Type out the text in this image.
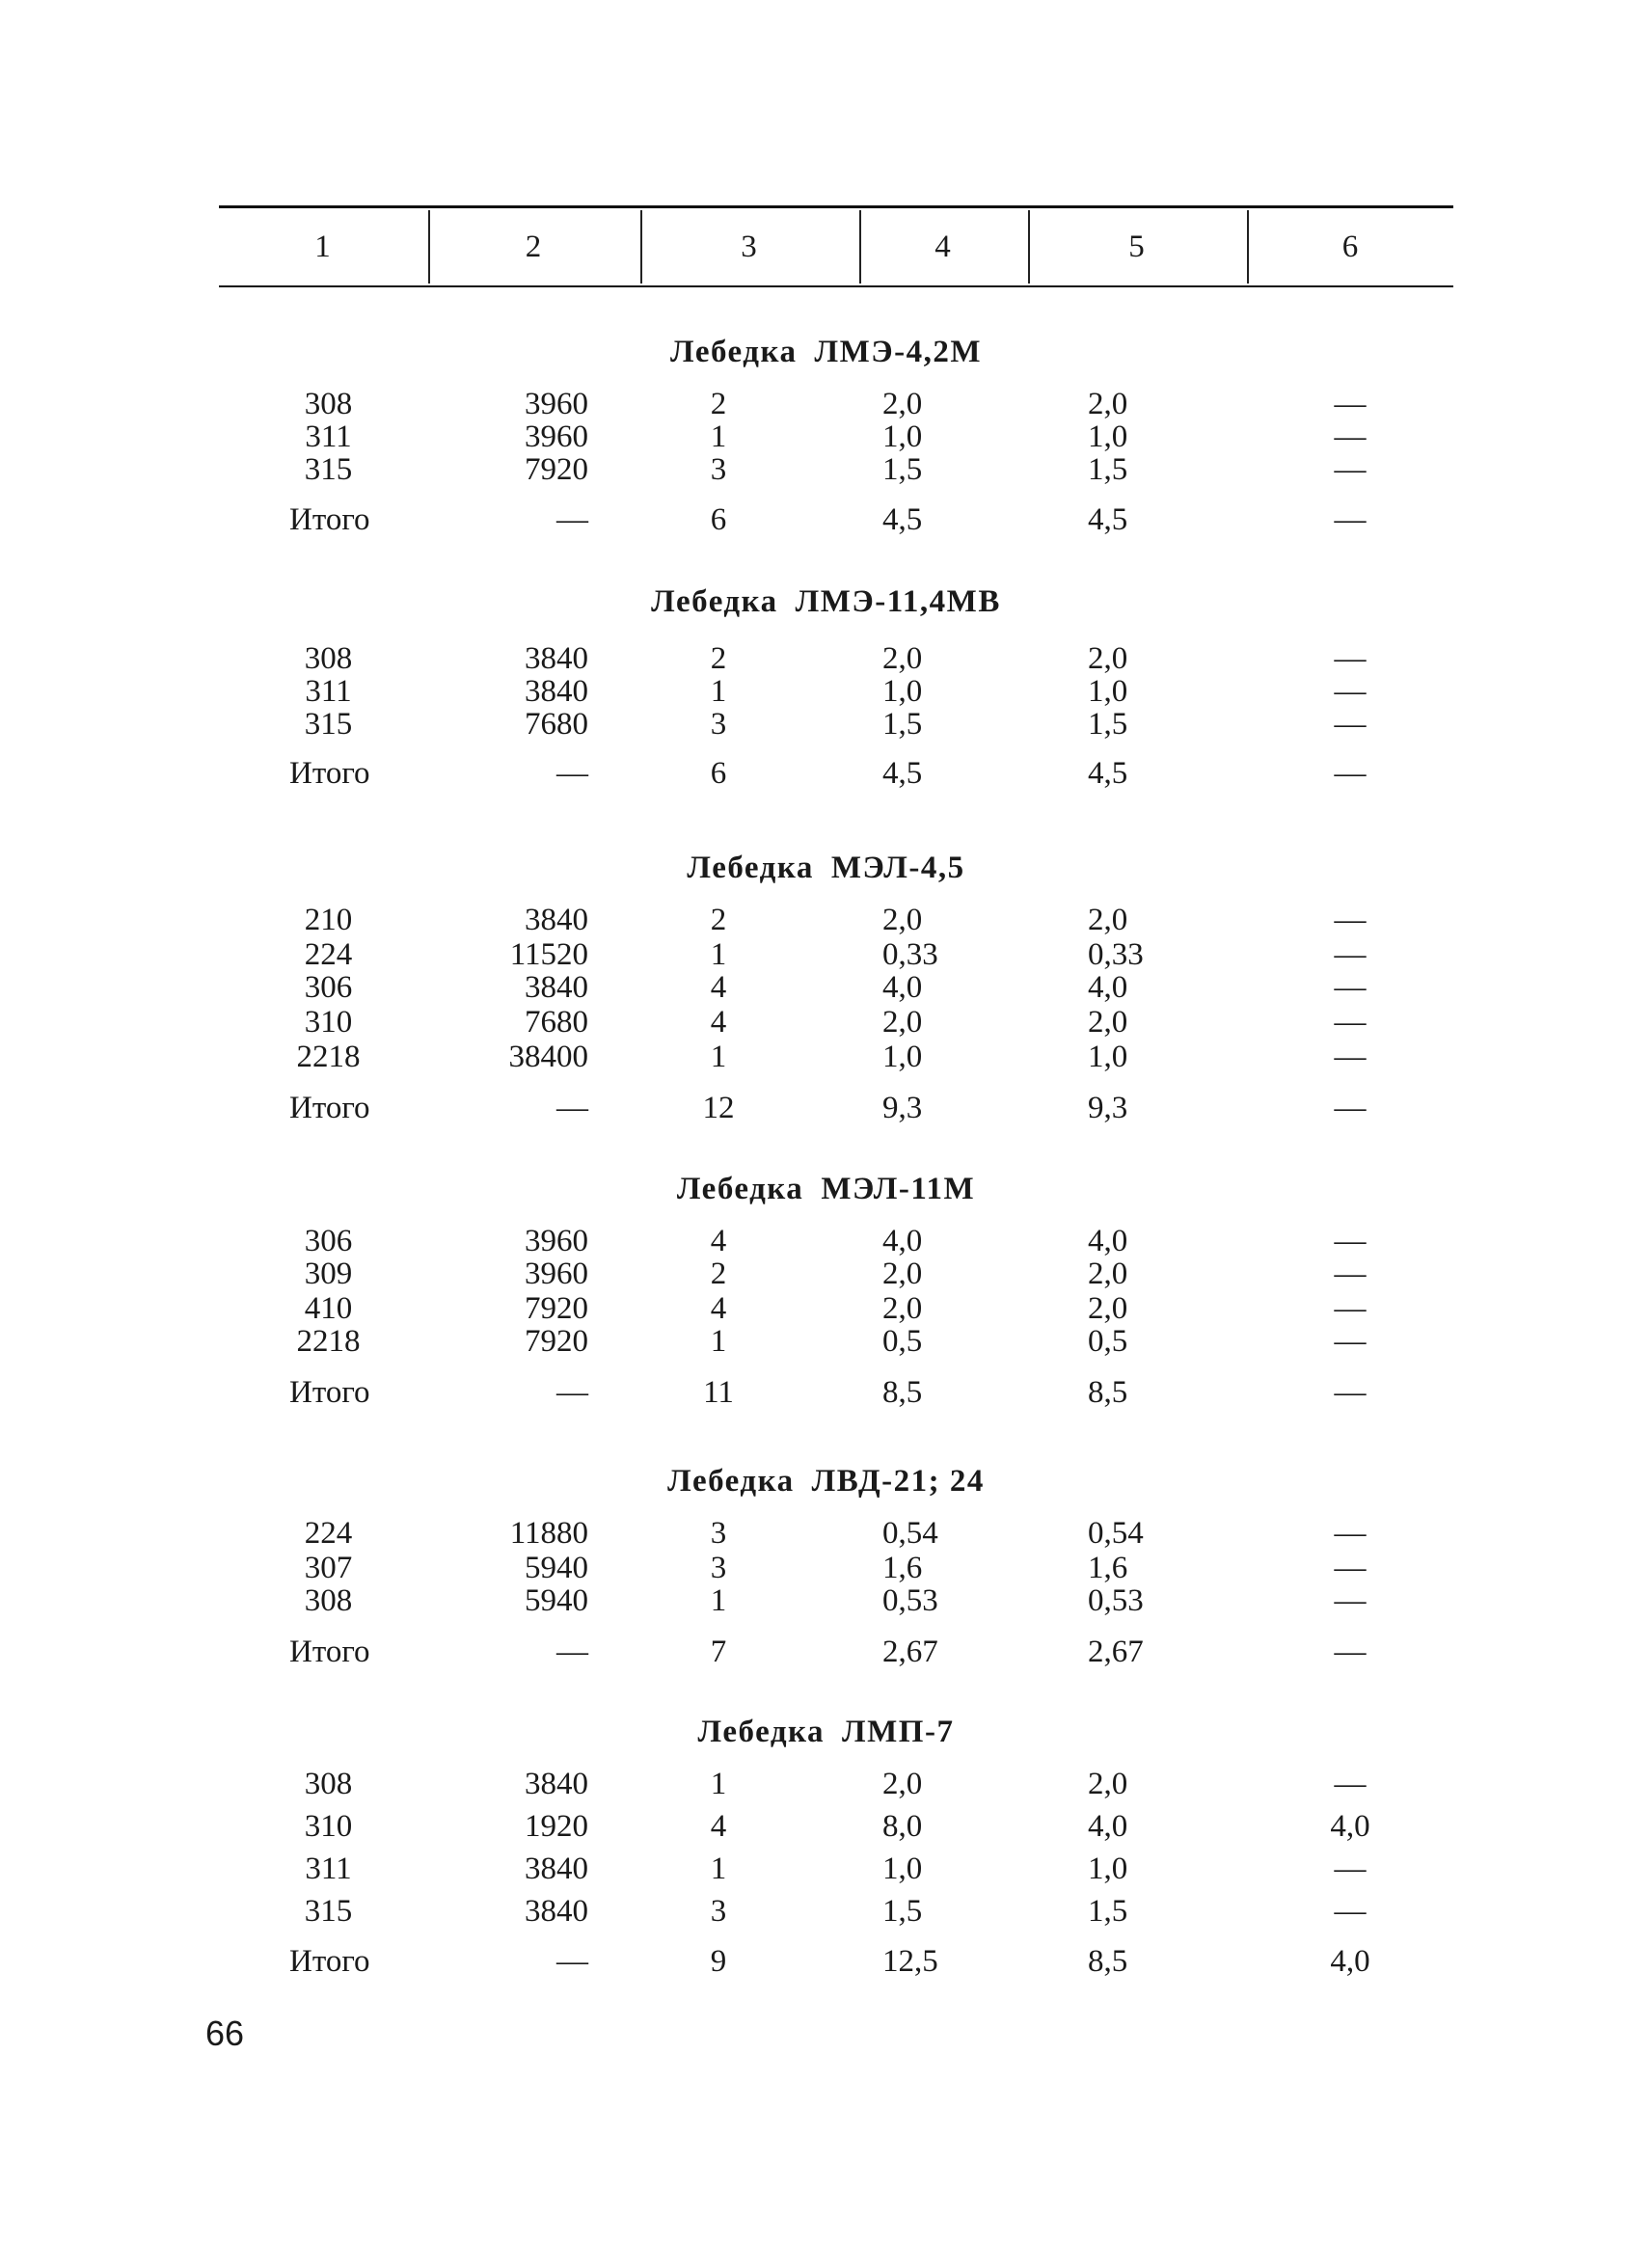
1	2	3	4	5	6
Лебедка ЛМЭ-4,2М
308	3960	2	2,0	2,0	—
311	3960	1	1,0	1,0	—
315	7920	3	1,5	1,5	—
Итого	—	6	4,5	4,5	—
Лебедка ЛМЭ-11,4МВ
308	3840	2	2,0	2,0	—
311	3840	1	1,0	1,0	—
315	7680	3	1,5	1,5	—
Итого	—	6	4,5	4,5	—
Лебедка МЭЛ-4,5
210	3840	2	2,0	2,0	—
224	11520	1	0,33	0,33	—
306	3840	4	4,0	4,0	—
310	7680	4	2,0	2,0	—
2218	38400	1	1,0	1,0	—
Итого	—	12	9,3	9,3	—
Лебедка МЭЛ-11М
306	3960	4	4,0	4,0	—
309	3960	2	2,0	2,0	—
410	7920	4	2,0	2,0	—
2218	7920	1	0,5	0,5	—
Итого	—	11	8,5	8,5	—
Лебедка ЛВД-21; 24
224	11880	3	0,54	0,54	—
307	5940	3	1,6	1,6	—
308	5940	1	0,53	0,53	—
Итого	—	7	2,67	2,67	—
Лебедка ЛМП-7
308	3840	1	2,0	2,0	—
310	1920	4	8,0	4,0	4,0
311	3840	1	1,0	1,0	—
315	3840	3	1,5	1,5	—
Итого	—	9	12,5	8,5	4,0
66
